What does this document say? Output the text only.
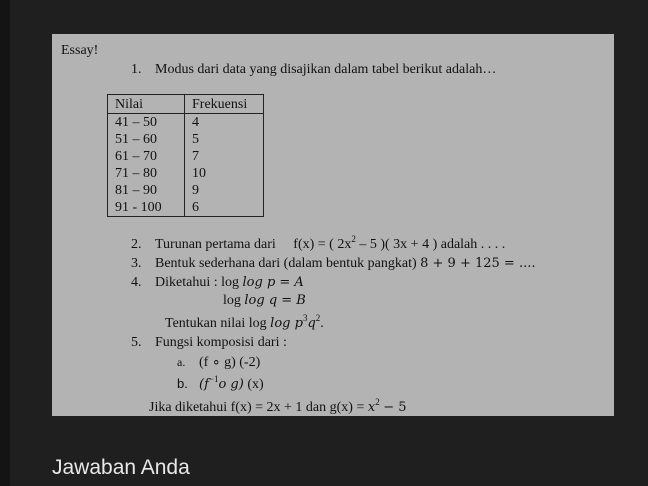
Essay!
1. Modus dari data yang disajikan dalam tabel berikut adalah…
Nilai	Frekuensi
41 – 50	4
51 – 60	5
61 – 70	7
71 – 80	10
81 – 90	9
91 - 100	6
2. Turunan pertama dari f(x) = ( $2x^2 - 5$ )( 3x + 4 ) adalah . . . .
3. Bentuk sederhana dari (dalam bentuk pangkat) 8 + 9 + 125 = ....
4. Diketahui : log log p = A
log log q = B
Tentukan nilai $\log \log p^3q^2$.
5. Fungsi komposisi dari :
a. (f ∘ g) (-2)
b. ($f^{-1}o$ g) (x)
Jika diketahui f(x) = 2x + 1 dan $g(x) = x^2 - 5$
Jawaban Anda
